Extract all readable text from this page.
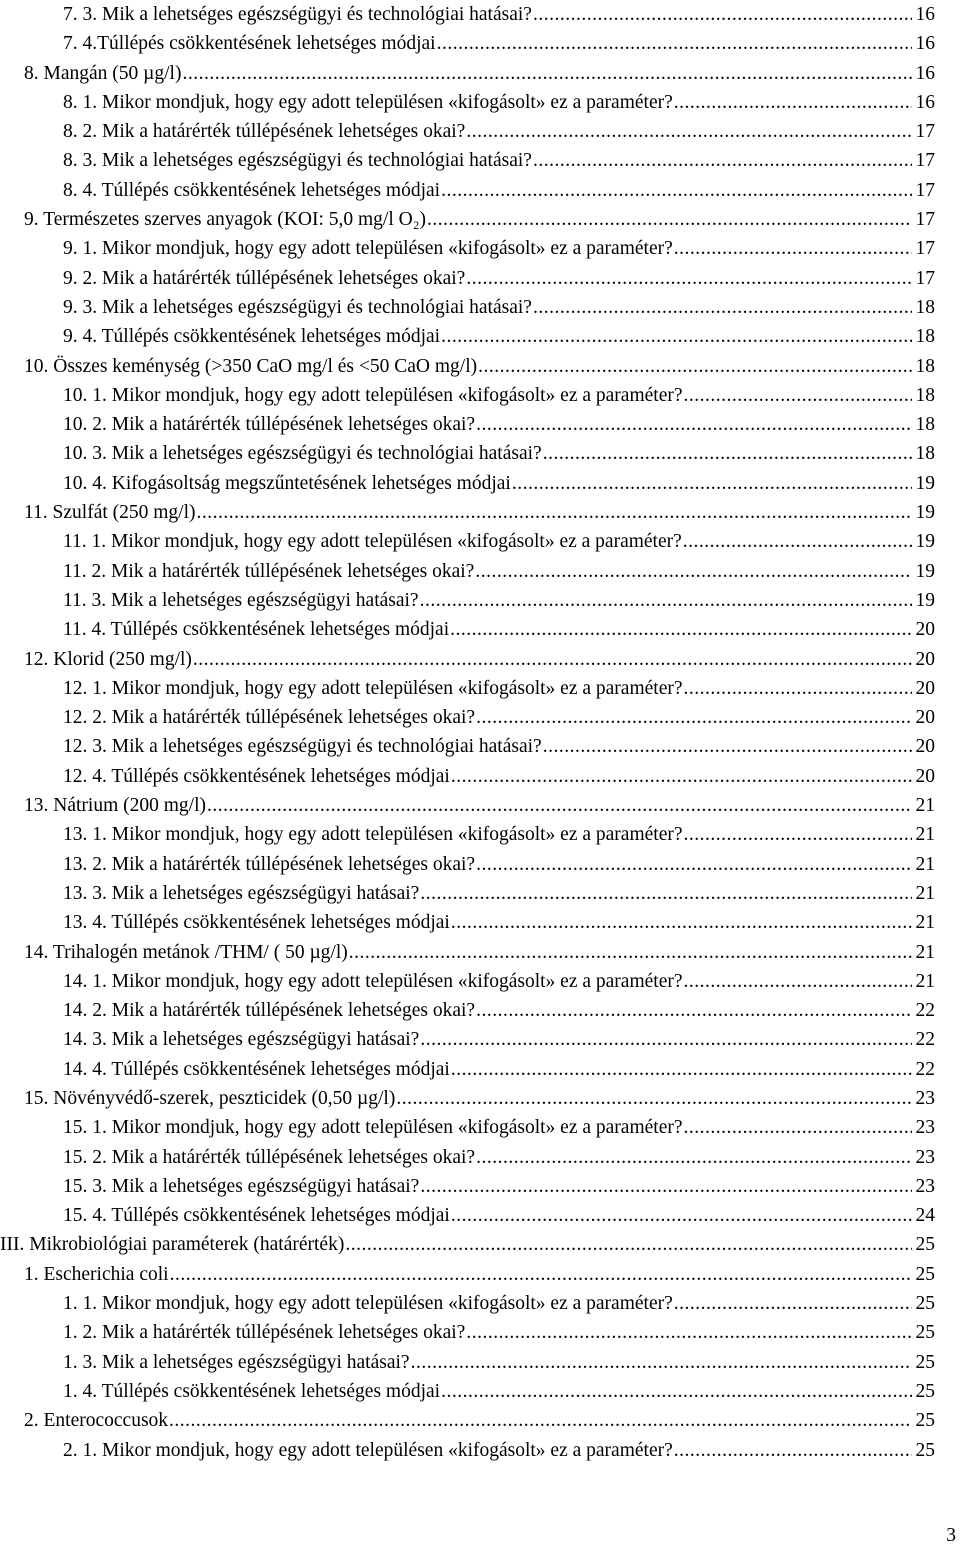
7. 3. Mik a lehetséges egészségügyi és technológiai hatásai? .....	16
7. 4.Túllépés csökkentésének lehetséges módjai .....	16
8. Mangán (50 µg/l) .....	16
8. 1. Mikor mondjuk, hogy egy adott településen «kifogásolt» ez a paraméter? .....	16
8. 2. Mik a határérték túllépésének lehetséges okai? .....	17
8. 3. Mik a lehetséges egészségügyi és technológiai hatásai? .....	17
8. 4. Túllépés csökkentésének lehetséges módjai .....	17
9. Természetes szerves anyagok (KOI: 5,0 mg/l O₂) .....	17
9. 1. Mikor mondjuk, hogy egy adott településen «kifogásolt» ez a paraméter? .....	17
9. 2. Mik a határérték túllépésének lehetséges okai? .....	17
9. 3. Mik a lehetséges egészségügyi és technológiai hatásai? .....	18
9. 4. Túllépés csökkentésének lehetséges módjai .....	18
10. Összes keménység (>350 CaO mg/l és <50 CaO mg/l) .....	18
10. 1. Mikor mondjuk, hogy egy adott településen «kifogásolt» ez a paraméter? .....	18
10. 2. Mik a határérték túllépésének lehetséges okai? .....	18
10. 3. Mik a lehetséges egészségügyi és technológiai hatásai? .....	18
10. 4. Kifogásoltság megszűntetésének lehetséges módjai .....	19
11. Szulfát (250 mg/l) .....	19
11. 1. Mikor mondjuk, hogy egy adott településen «kifogásolt» ez a paraméter? .....	19
11. 2. Mik a határérték túllépésének lehetséges okai? .....	19
11. 3. Mik a lehetséges egészségügyi hatásai? .....	19
11. 4. Túllépés csökkentésének lehetséges módjai .....	20
12. Klorid (250 mg/l) .....	20
12. 1. Mikor mondjuk, hogy egy adott településen «kifogásolt» ez a paraméter? .....	20
12. 2. Mik a határérték túllépésének lehetséges okai? .....	20
12. 3. Mik a lehetséges egészségügyi és technológiai hatásai? .....	20
12. 4. Túllépés csökkentésének lehetséges módjai .....	20
13. Nátrium (200 mg/l) .....	21
13. 1. Mikor mondjuk, hogy egy adott településen «kifogásolt» ez a paraméter? .....	21
13. 2. Mik a határérték túllépésének lehetséges okai? .....	21
13. 3. Mik a lehetséges egészségügyi hatásai? .....	21
13. 4. Túllépés csökkentésének lehetséges módjai .....	21
14. Trihalogén metánok /THM/ ( 50 µg/l) .....	21
14. 1. Mikor mondjuk, hogy egy adott településen «kifogásolt» ez a paraméter? .....	21
14. 2. Mik a határérték túllépésének lehetséges okai? .....	22
14. 3. Mik a lehetséges egészségügyi hatásai? .....	22
14. 4. Túllépés csökkentésének lehetséges módjai .....	22
15. Növényvédő-szerek, peszticidek (0,50 µg/l) .....	23
15. 1. Mikor mondjuk, hogy egy adott településen «kifogásolt» ez a paraméter? .....	23
15. 2. Mik a határérték túllépésének lehetséges okai? .....	23
15. 3. Mik a lehetséges egészségügyi hatásai? .....	23
15. 4. Túllépés csökkentésének lehetséges módjai .....	24
III. Mikrobiológiai paraméterek (határérték) .....	25
1. Escherichia coli .....	25
1. 1. Mikor mondjuk, hogy egy adott településen «kifogásolt» ez a paraméter? .....	25
1. 2. Mik a határérték túllépésének lehetséges okai? .....	25
1. 3. Mik a lehetséges egészségügyi hatásai? .....	25
1. 4. Túllépés csökkentésének lehetséges módjai .....	25
2. Enterococcusok .....	25
2. 1. Mikor mondjuk, hogy egy adott településen «kifogásolt» ez a paraméter? .....	25
3
